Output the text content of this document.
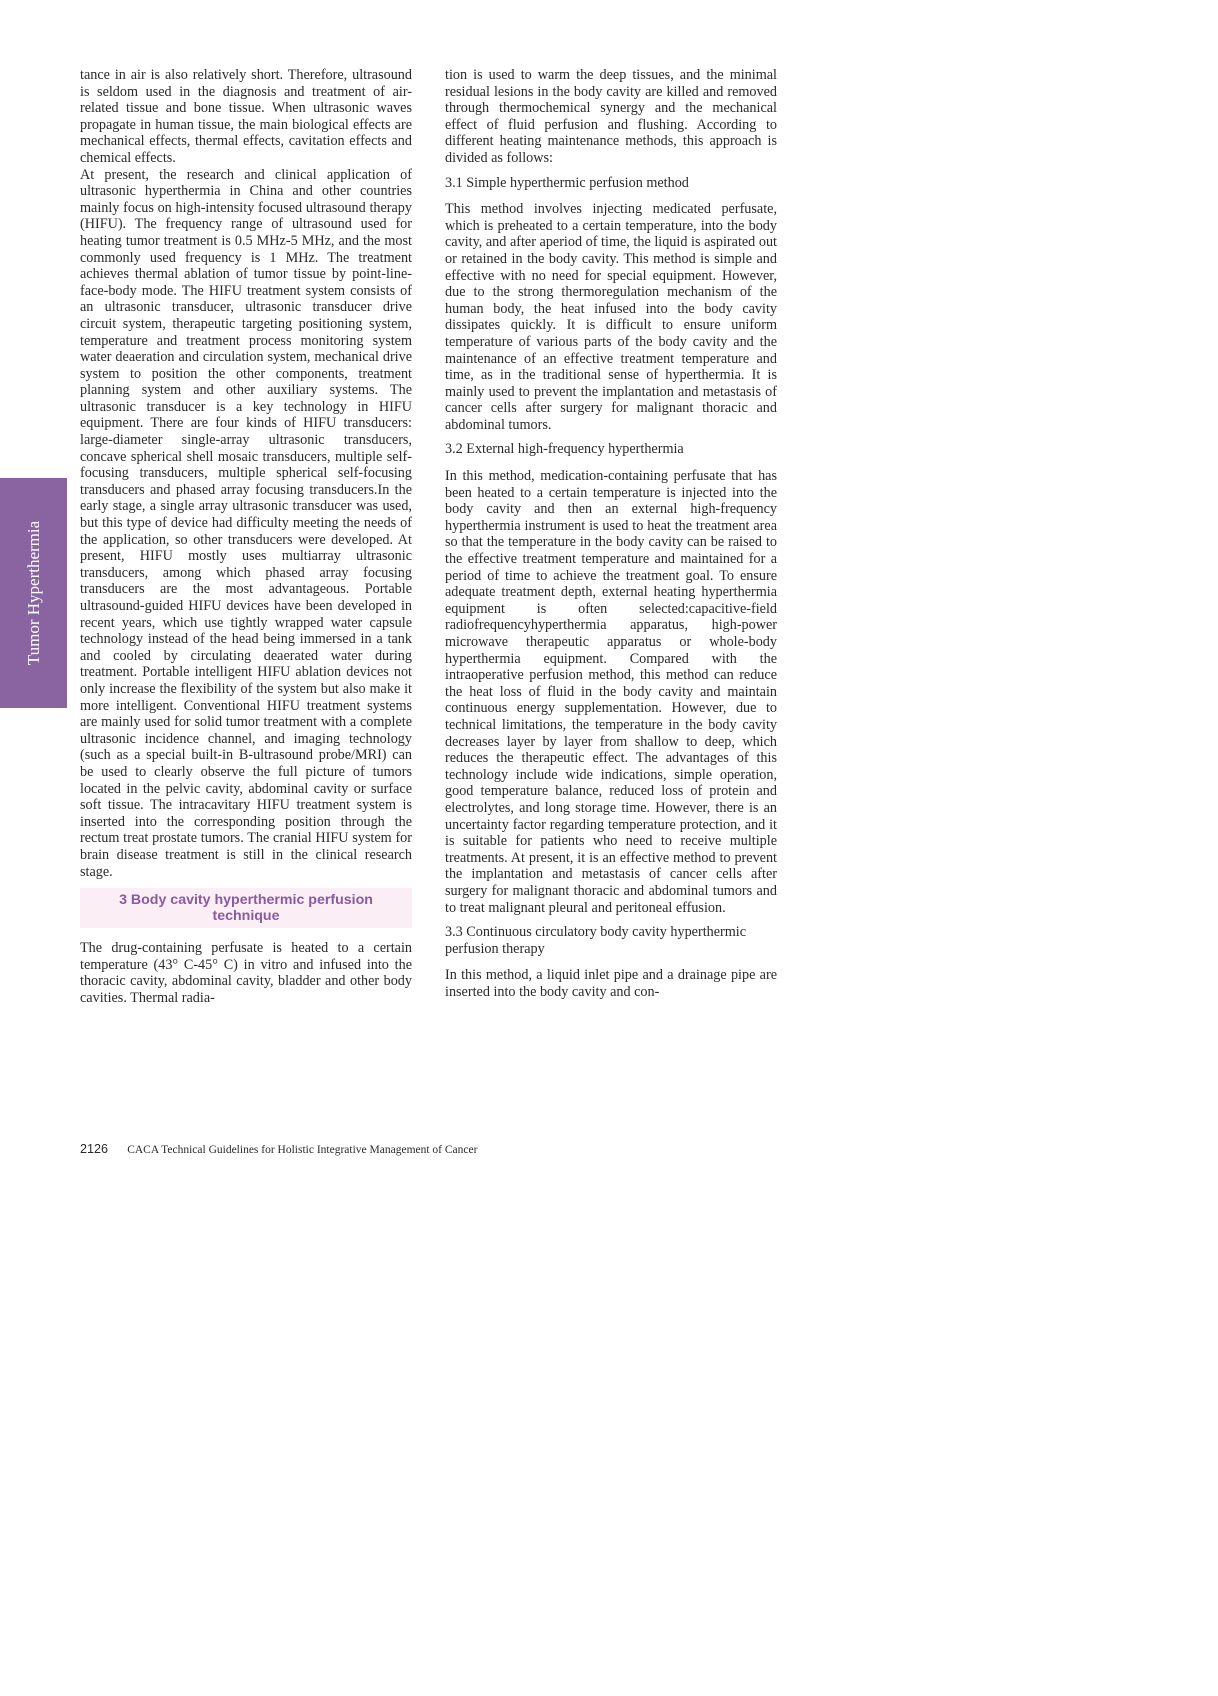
Tumor Hyperthermia

tance in air is also relatively short. Therefore, ultrasound is seldom used in the diagnosis and treatment of air-related tissue and bone tissue. When ultrasonic waves propagate in human tissue, the main biological effects are mechanical effects, thermal effects, cavitation effects and chemical effects.

At present, the research and clinical application of ultrasonic hyperthermia in China and other countries mainly focus on high-intensity focused ultrasound therapy (HIFU). The frequency range of ultrasound used for heating tumor treatment is 0.5 MHz-5 MHz, and the most commonly used frequency is 1 MHz. The treatment achieves thermal ablation of tumor tissue by point-line-face-body mode. The HIFU treatment system consists of an ultrasonic transducer, ultrasonic transducer drive circuit system, therapeutic targeting positioning system, temperature and treatment process monitoring system water deaeration and circulation system, mechanical drive system to position the other components, treatment planning system and other auxiliary systems. The ultrasonic transducer is a key technology in HIFU equipment. There are four kinds of HIFU transducers: large-diameter single-array ultrasonic transducers, concave spherical shell mosaic transducers, multiple self-focusing transducers, multiple spherical self-focusing transducers and phased array focusing transducers.In the early stage, a single array ultrasonic transducer was used, but this type of device had difficulty meeting the needs of the application, so other transducers were developed. At present, HIFU mostly uses multiarray ultrasonic transducers, among which phased array focusing transducers are the most advantageous. Portable ultrasound-guided HIFU devices have been developed in recent years, which use tightly wrapped water capsule technology instead of the head being immersed in a tank and cooled by circulating deaerated water during treatment. Portable intelligent HIFU ablation devices not only increase the flexibility of the system but also make it more intelligent. Conventional HIFU treatment systems are mainly used for solid tumor treatment with a complete ultrasonic incidence channel, and imaging technology (such as a special built-in B-ultrasound probe/MRI) can be used to clearly observe the full picture of tumors located in the pelvic cavity, abdominal cavity or surface soft tissue. The intracavitary HIFU treatment system is inserted into the corresponding position through the rectum treat prostate tumors. The cranial HIFU system for brain disease treatment is still in the clinical research stage.

3 Body cavity hyperthermic perfusion technique

The drug-containing perfusate is heated to a certain temperature (43° C-45° C) in vitro and infused into the thoracic cavity, abdominal cavity, bladder and other body cavities. Thermal radia-

tion is used to warm the deep tissues, and the minimal residual lesions in the body cavity are killed and removed through thermochemical synergy and the mechanical effect of fluid perfusion and flushing. According to different heating maintenance methods, this approach is divided as follows:

3.1 Simple hyperthermic perfusion method

This method involves injecting medicated perfusate, which is preheated to a certain temperature, into the body cavity, and after aperiod of time, the liquid is aspirated out or retained in the body cavity. This method is simple and effective with no need for special equipment. However, due to the strong thermoregulation mechanism of the human body, the heat infused into the body cavity dissipates quickly. It is difficult to ensure uniform temperature of various parts of the body cavity and the maintenance of an effective treatment temperature and time, as in the traditional sense of hyperthermia. It is mainly used to prevent the implantation and metastasis of cancer cells after surgery for malignant thoracic and abdominal tumors.

3.2 External high-frequency hyperthermia

In this method, medication-containing perfusate that has been heated to a certain temperature is injected into the body cavity and then an external high-frequency hyperthermia instrument is used to heat the treatment area so that the temperature in the body cavity can be raised to the effective treatment temperature and maintained for a period of time to achieve the treatment goal. To ensure adequate treatment depth, external heating hyperthermia equipment is often selected:capacitive-field radiofrequencyhyperthermia apparatus, high-power microwave therapeutic apparatus or whole-body hyperthermia equipment. Compared with the intraoperative perfusion method, this method can reduce the heat loss of fluid in the body cavity and maintain continuous energy supplementation. However, due to technical limitations, the temperature in the body cavity decreases layer by layer from shallow to deep, which reduces the therapeutic effect. The advantages of this technology include wide indications, simple operation, good temperature balance, reduced loss of protein and electrolytes, and long storage time. However, there is an uncertainty factor regarding temperature protection, and it is suitable for patients who need to receive multiple treatments. At present, it is an effective method to prevent the implantation and metastasis of cancer cells after surgery for malignant thoracic and abdominal tumors and to treat malignant pleural and peritoneal effusion.

3.3 Continuous circulatory body cavity hyperthermic perfusion therapy

In this method, a liquid inlet pipe and a drainage pipe are inserted into the body cavity and con-

2126 CACA Technical Guidelines for Holistic Integrative Management of Cancer
